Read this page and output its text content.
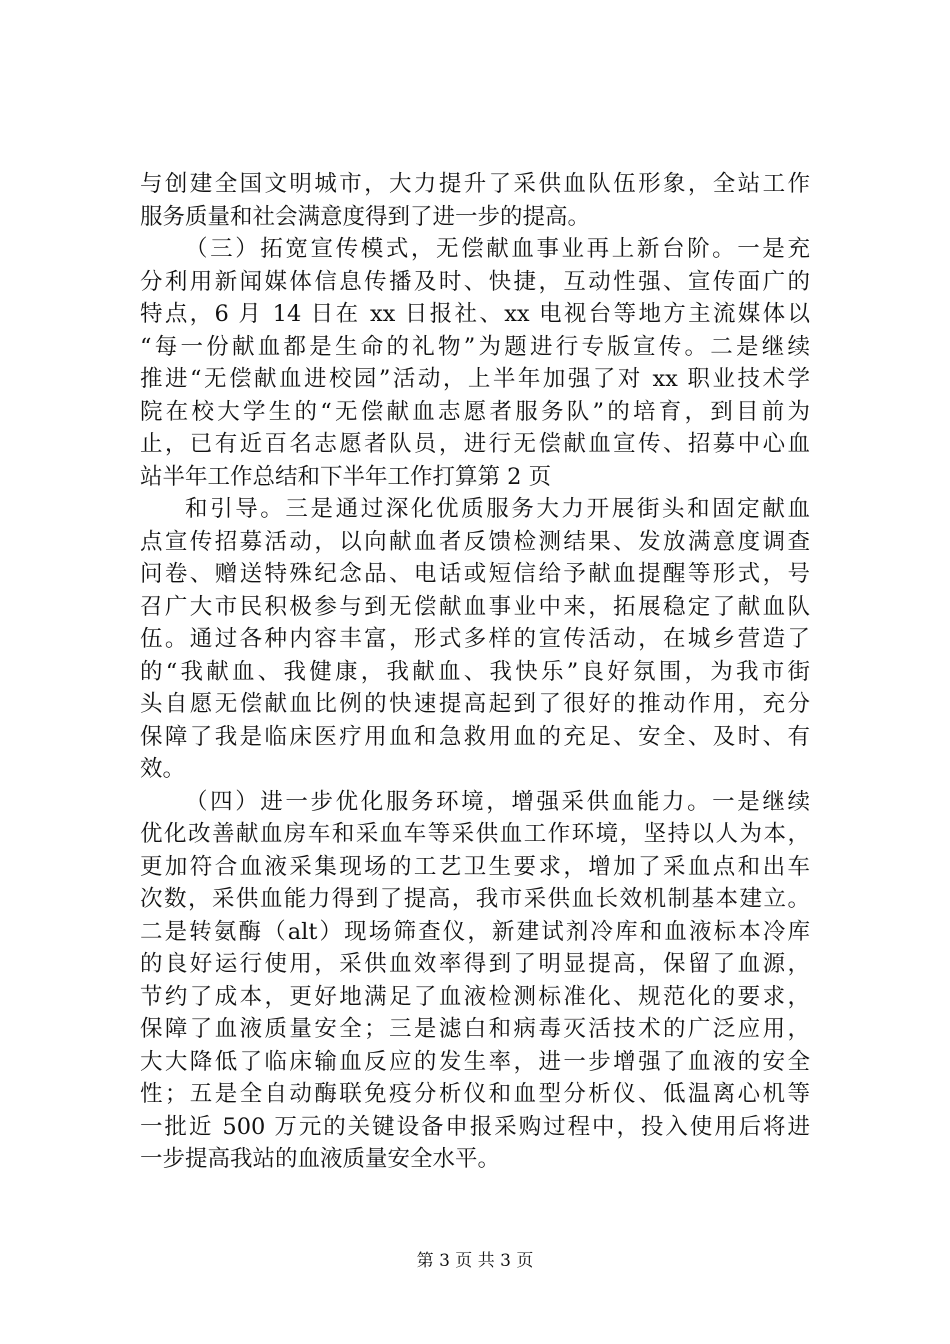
与创建全国文明城市，大力提升了采供血队伍形象，全站工作
服务质量和社会满意度得到了进一步的提高。
（三）拓宽宣传模式，无偿献血事业再上新台阶。一是充
分利用新闻媒体信息传播及时、快捷，互动性强、宣传面广的
特点，6 月 14 日在 xx 日报社、xx 电视台等地方主流媒体以
“每一份献血都是生命的礼物”为题进行专版宣传。二是继续
推进“无偿献血进校园”活动，上半年加强了对 xx 职业技术学
院在校大学生的“无偿献血志愿者服务队”的培育，到目前为
止，已有近百名志愿者队员，进行无偿献血宣传、招募中心血
站半年工作总结和下半年工作打算第 2 页
和引导。三是通过深化优质服务大力开展街头和固定献血
点宣传招募活动，以向献血者反馈检测结果、发放满意度调查
问卷、赠送特殊纪念品、电话或短信给予献血提醒等形式，号
召广大市民积极参与到无偿献血事业中来，拓展稳定了献血队
伍。通过各种内容丰富，形式多样的宣传活动，在城乡营造了
的“我献血、我健康，我献血、我快乐”良好氛围，为我市街
头自愿无偿献血比例的快速提高起到了很好的推动作用，充分
保障了我是临床医疗用血和急救用血的充足、安全、及时、有
效。
（四）进一步优化服务环境，增强采供血能力。一是继续
优化改善献血房车和采血车等采供血工作环境，坚持以人为本，
更加符合血液采集现场的工艺卫生要求，增加了采血点和出车
次数，采供血能力得到了提高，我市采供血长效机制基本建立。
二是转氨酶（alt）现场筛查仪，新建试剂冷库和血液标本冷库
的良好运行使用，采供血效率得到了明显提高，保留了血源，
节约了成本，更好地满足了血液检测标准化、规范化的要求，
保障了血液质量安全；三是滤白和病毒灭活技术的广泛应用，
大大降低了临床输血反应的发生率，进一步增强了血液的安全
性；五是全自动酶联免疫分析仪和血型分析仪、低温离心机等
一批近 500 万元的关键设备申报采购过程中，投入使用后将进
一步提高我站的血液质量安全水平。
第 3 页 共 3 页
